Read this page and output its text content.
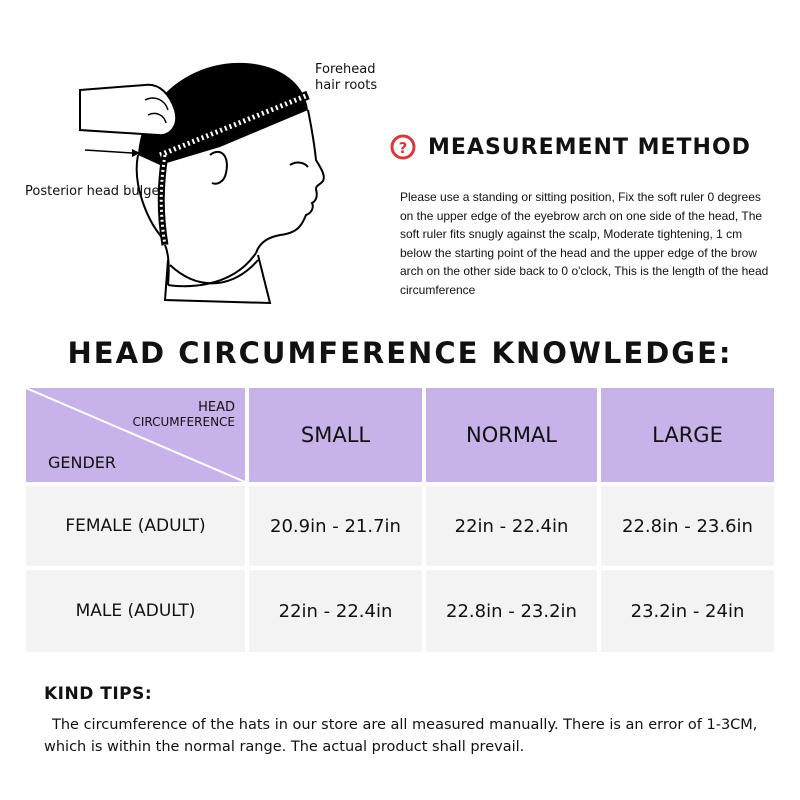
Forehead hair roots
Posterior head bulge
? MEASUREMENT METHOD
Please use a standing or sitting position, Fix the soft ruler 0 degrees on the upper edge of the eyebrow arch on one side of the head, The soft ruler fits snugly against the scalp, Moderate tightening, 1 cm below the starting point of the head and the upper edge of the brow arch on the other side back to 0 o'clock, This is the length of the head circumference
HEAD CIRCUMFERENCE KNOWLEDGE:
HEAD
CIRCUMFERENCE
GENDER
SMALL	NORMAL	LARGE
FEMALE (ADULT)	20.9in - 21.7in	22in - 22.4in	22.8in - 23.6in
MALE (ADULT)	22in - 22.4in	22.8in - 23.2in	23.2in - 24in
KIND TIPS:
The circumference of the hats in our store are all measured manually. There is an error of 1-3CM, which is within the normal range. The actual product shall prevail.
